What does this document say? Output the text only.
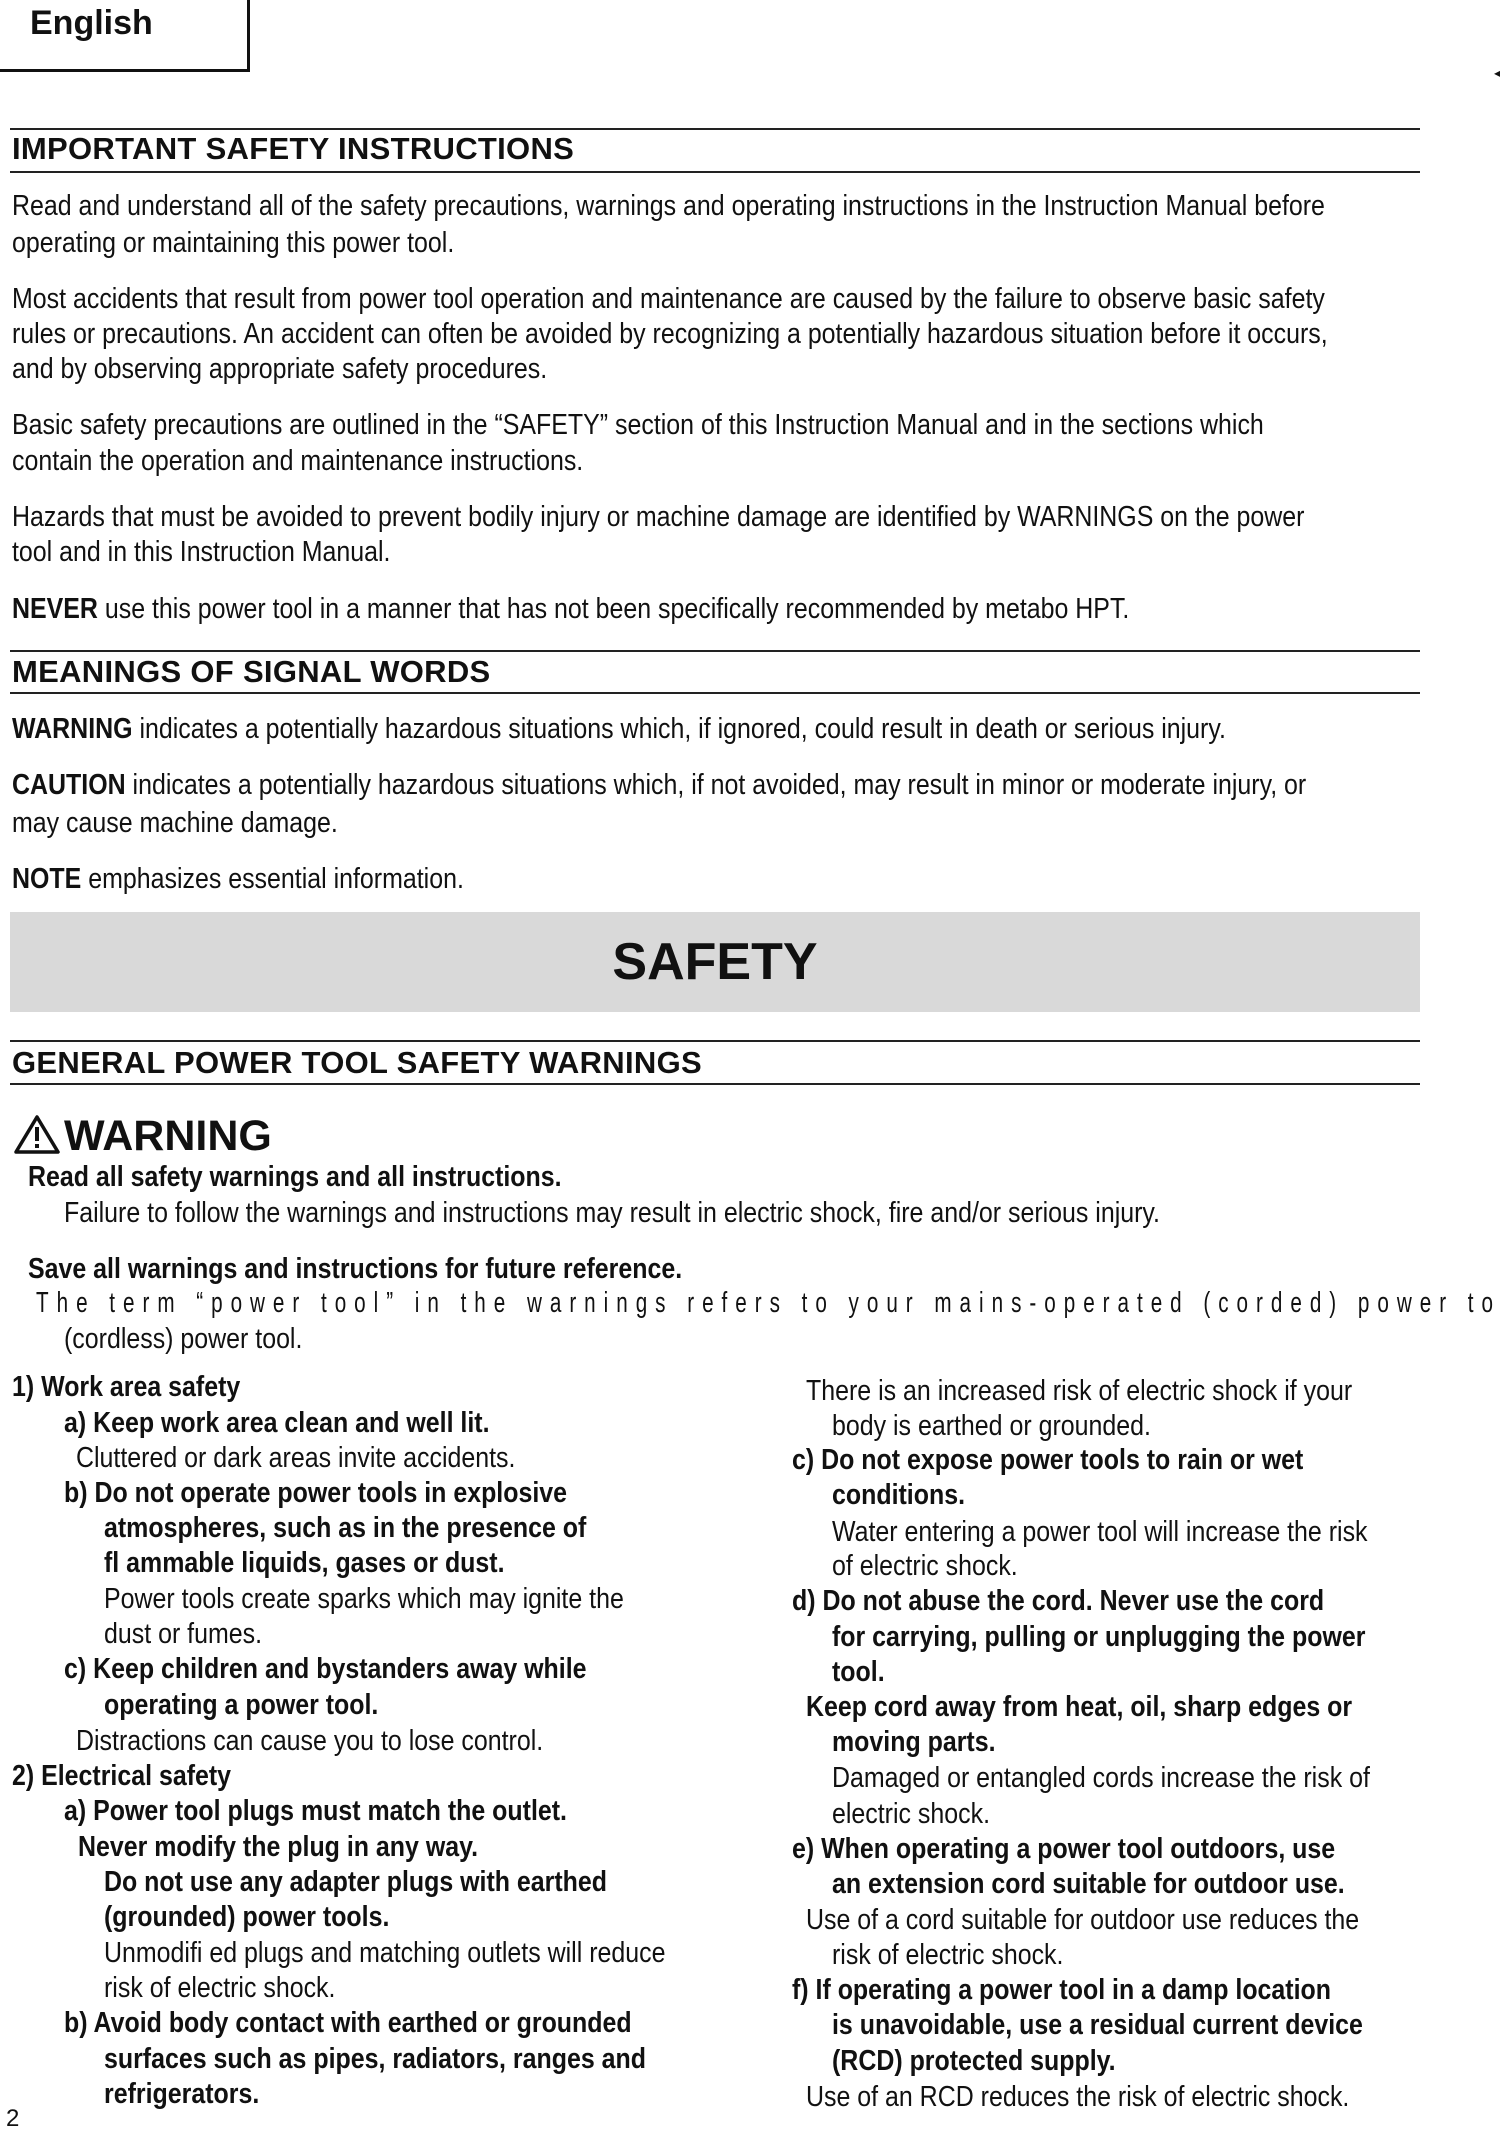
English
◂
IMPORTANT SAFETY INSTRUCTIONS
Read and understand all of the safety precautions, warnings and operating instructions in the Instruction Manual before
operating or maintaining this power tool.
Most accidents that result from power tool operation and maintenance are caused by the failure to observe basic safety
rules or precautions. An accident can often be avoided by recognizing a potentially hazardous situation before it occurs,
and by observing appropriate safety procedures.
Basic safety precautions are outlined in the “SAFETY” section of this Instruction Manual and in the sections which
contain the operation and maintenance instructions.
Hazards that must be avoided to prevent bodily injury or machine damage are identified by WARNINGS on the power
tool and in this Instruction Manual.
NEVER use this power tool in a manner that has not been specifically recommended by metabo HPT.
MEANINGS OF SIGNAL WORDS
WARNING indicates a potentially hazardous situations which, if ignored, could result in death or serious injury.
CAUTION indicates a potentially hazardous situations which, if not avoided, may result in minor or moderate injury, or
may cause machine damage.
NOTE emphasizes essential information.
SAFETY
GENERAL POWER TOOL SAFETY WARNINGS
WARNING
Read all safety warnings and all instructions.
Failure to follow the warnings and instructions may result in electric shock, fire and/or serious injury.
Save all warnings and instructions for future reference.
The term “power tool” in the warnings refers to your mains-operated (corded) power to
(cordless) power tool.
1) Work area safety
a) Keep work area clean and well lit.
Cluttered or dark areas invite accidents.
b) Do not operate power tools in explosive
atmospheres, such as in the presence of
fl ammable liquids, gases or dust.
Power tools create sparks which may ignite the
dust or fumes.
c) Keep children and bystanders away while
operating a power tool.
Distractions can cause you to lose control.
2) Electrical safety
a) Power tool plugs must match the outlet.
Never modify the plug in any way.
Do not use any adapter plugs with earthed
(grounded) power tools.
Unmodifi ed plugs and matching outlets will reduce
risk of electric shock.
b) Avoid body contact with earthed or grounded
surfaces such as pipes, radiators, ranges and
refrigerators.
There is an increased risk of electric shock if your
body is earthed or grounded.
c) Do not expose power tools to rain or wet
conditions.
Water entering a power tool will increase the risk
of electric shock.
d) Do not abuse the cord. Never use the cord
for carrying, pulling or unplugging the power
tool.
Keep cord away from heat, oil, sharp edges or
moving parts.
Damaged or entangled cords increase the risk of
electric shock.
e) When operating a power tool outdoors, use
an extension cord suitable for outdoor use.
Use of a cord suitable for outdoor use reduces the
risk of electric shock.
f) If operating a power tool in a damp location
is unavoidable, use a residual current device
(RCD) protected supply.
Use of an RCD reduces the risk of electric shock.
2
